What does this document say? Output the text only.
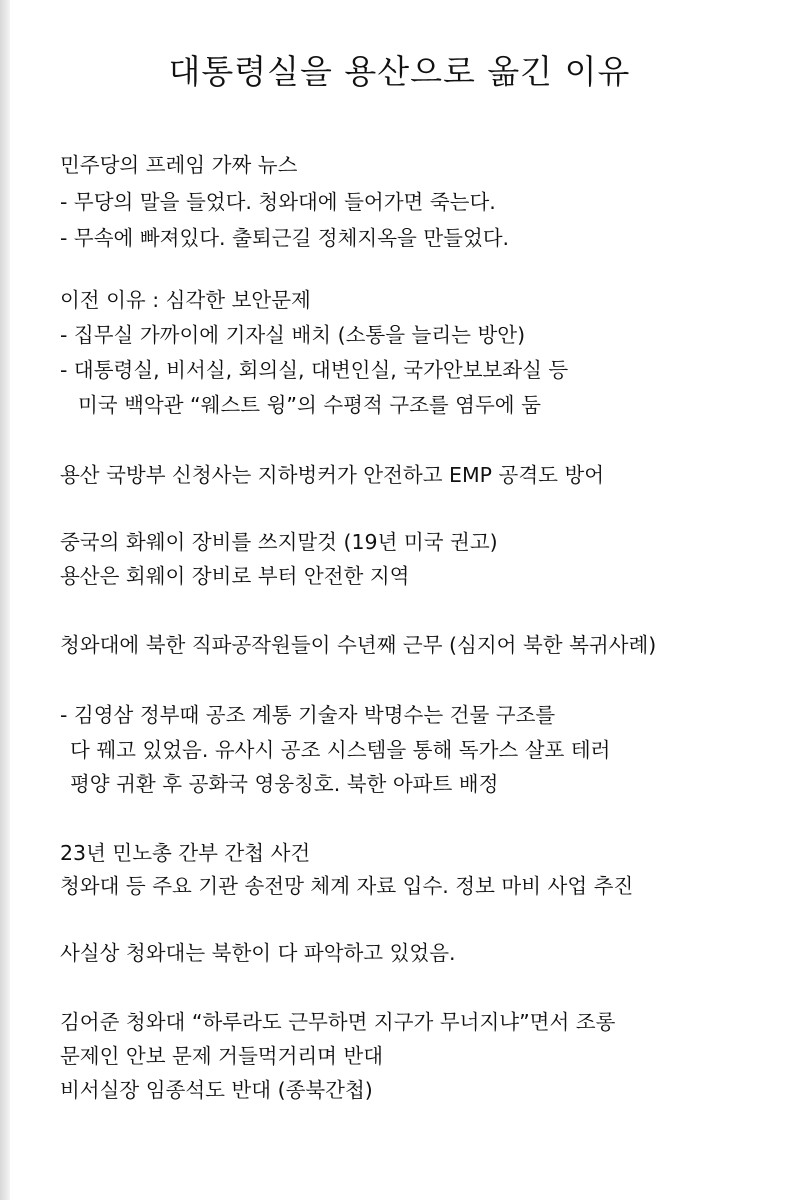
대통령실을 용산으로 옮긴 이유
민주당의 프레임 가짜 뉴스
- 무당의 말을 들었다. 청와대에 들어가면 죽는다.
- 무속에 빠져있다. 출퇴근길 정체지옥을 만들었다.
이전 이유 : 심각한 보안문제
- 집무실 가까이에 기자실 배치 (소통을 늘리는 방안)
- 대통령실, 비서실, 회의실, 대변인실, 국가안보보좌실 등
미국 백악관 “웨스트 윙”의 수평적 구조를 염두에 둠
용산 국방부 신청사는 지하벙커가 안전하고 EMP 공격도 방어
중국의 화웨이 장비를 쓰지말것 (19년 미국 권고)
용산은 회웨이 장비로 부터 안전한 지역
청와대에 북한 직파공작원들이 수년째 근무 (심지어 북한 복귀사례)
- 김영삼 정부때 공조 계통 기술자 박명수는 건물 구조를
다 꿰고 있었음. 유사시 공조 시스템을 통해 독가스 살포 테러
평양 귀환 후 공화국 영웅칭호. 북한 아파트 배정
23년 민노총 간부 간첩 사건
청와대 등 주요 기관 송전망 체계 자료 입수. 정보 마비 사업 추진
사실상 청와대는 북한이 다 파악하고 있었음.
김어준 청와대 “하루라도 근무하면 지구가 무너지냐”면서 조롱
문제인 안보 문제 거들먹거리며 반대
비서실장 임종석도 반대 (종북간첩)
